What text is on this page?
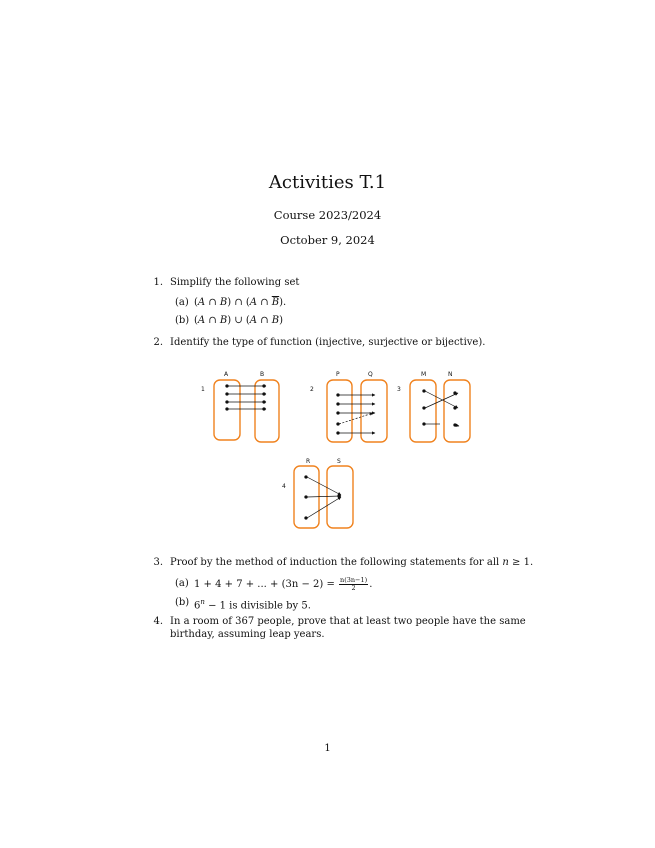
Activities T.1
Course 2023/2024
October 9, 2024
1. Simplify the following set
(a) (A ∩ B) ∩ (A ∩ $\overline{B}$).
(b) (A ∩ B) ∪ (A ∩ B)
2. Identify the type of function (injective, surjective or bijective).
1
A	B
2
P	Q
3
M	N
4
R	S
3. Proof by the method of induction the following statements for all n ≥ 1.
(a) 1 + 4 + 7 + ... + $(3n - 2) = \frac{n(3n-1)}{2}$ .
(b) $6^n - 1$ is divisible by 5.
4. In a room of 367 people, prove that at least two people have the same
birthday, assuming leap years.
1
